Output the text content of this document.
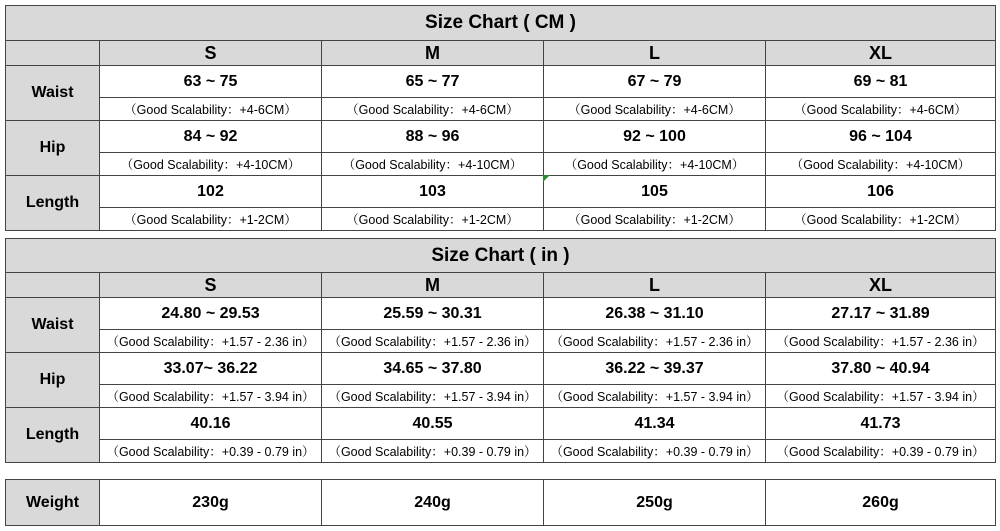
Size Chart ( CM )				
	S	M	L	XL
Waist	63 ~ 75	65 ~ 77	67 ~ 79	69 ~ 81
	（Good Scalability：+4-6CM）	（Good Scalability：+4-6CM）	（Good Scalability：+4-6CM）	（Good Scalability：+4-6CM）
Hip	84 ~ 92	88 ~ 96	92 ~ 100	96 ~ 104
	（Good Scalability：+4-10CM）	（Good Scalability：+4-10CM）	（Good Scalability：+4-10CM）	（Good Scalability：+4-10CM）
Length	102	103	105	106
	（Good Scalability：+1-2CM）	（Good Scalability：+1-2CM）	（Good Scalability：+1-2CM）	（Good Scalability：+1-2CM）
Size Chart ( in )				
	S	M	L	XL
Waist	24.80 ~ 29.53	25.59 ~ 30.31	26.38 ~ 31.10	27.17 ~ 31.89
	（Good Scalability：+1.57 - 2.36 in）	（Good Scalability：+1.57 - 2.36 in）	（Good Scalability：+1.57 - 2.36 in）	（Good Scalability：+1.57 - 2.36 in）
Hip	33.07~ 36.22	34.65 ~ 37.80	36.22 ~ 39.37	37.80 ~ 40.94
	（Good Scalability：+1.57 - 3.94 in）	（Good Scalability：+1.57 - 3.94 in）	（Good Scalability：+1.57 - 3.94 in）	（Good Scalability：+1.57 - 3.94 in）
Length	40.16	40.55	41.34	41.73
	（Good Scalability：+0.39 - 0.79 in）	（Good Scalability：+0.39 - 0.79 in）	（Good Scalability：+0.39 - 0.79 in）	（Good Scalability：+0.39 - 0.79 in）
Weight	230g	240g	250g	260g
